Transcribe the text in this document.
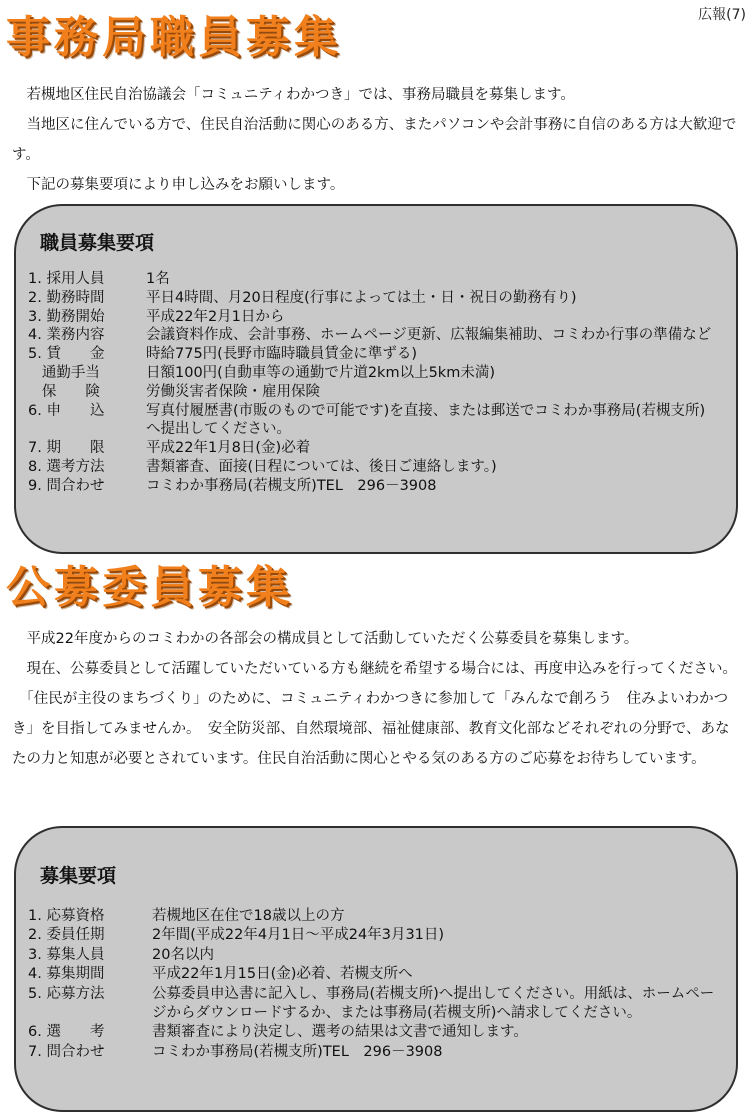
広報(7)
事務局職員募集

若槻地区住民自治協議会「コミュニティわかつき」では、事務局職員を募集します。

当地区に住んでいる方で、住民自治活動に関心のある方、またパソコンや会計事務に自信のある方は大歓迎です。

下記の募集要項により申し込みをお願いします。

職員募集要項
1. 採用人員	1名
2. 勤務時間	平日4時間、月20日程度(行事によっては土・日・祝日の勤務有り)
3. 勤務開始	平成22年2月1日から
4. 業務内容	会議資料作成、会計事務、ホームページ更新、広報編集補助、コミわか行事の準備など
5. 賃　　金	時給775円(長野市臨時職員賃金に準ずる)
通勤手当	日額100円(自動車等の通勤で片道2km以上5km未満)
保　　険	労働災害者保険・雇用保険
6. 申　　込	写真付履歴書(市販のもので可能です)を直接、または郵送でコミわか事務局(若槻支所)へ提出してください。
7. 期　　限	平成22年1月8日(金)必着
8. 選考方法	書類審査、面接(日程については、後日ご連絡します。)
9. 問合わせ	コミわか事務局(若槻支所)TEL　296－3908
公募委員募集

平成22年度からのコミわかの各部会の構成員として活動していただく公募委員を募集します。

現在、公募委員として活躍していただいている方も継続を希望する場合には、再度申込みを行ってください。

「住民が主役のまちづくり」のために、コミュニティわかつきに参加して「みんなで創ろう　住みよいわかつき」を目指してみませんか。　安全防災部、自然環境部、福祉健康部、教育文化部などそれぞれの分野で、あなたの力と知恵が必要とされています。住民自治活動に関心とやる気のある方のご応募をお待ちしています。

募集要項
1. 応募資格	若槻地区在住で18歳以上の方
2. 委員任期	2年間(平成22年4月1日～平成24年3月31日)
3. 募集人員	20名以内
4. 募集期間	平成22年1月15日(金)必着、若槻支所へ
5. 応募方法	公募委員申込書に記入し、事務局(若槻支所)へ提出してください。用紙は、ホームページからダウンロードするか、または事務局(若槻支所)へ請求してください。
6. 選　　考	書類審査により決定し、選考の結果は文書で通知します。
7. 問合わせ	コミわか事務局(若槻支所)TEL　296－3908
